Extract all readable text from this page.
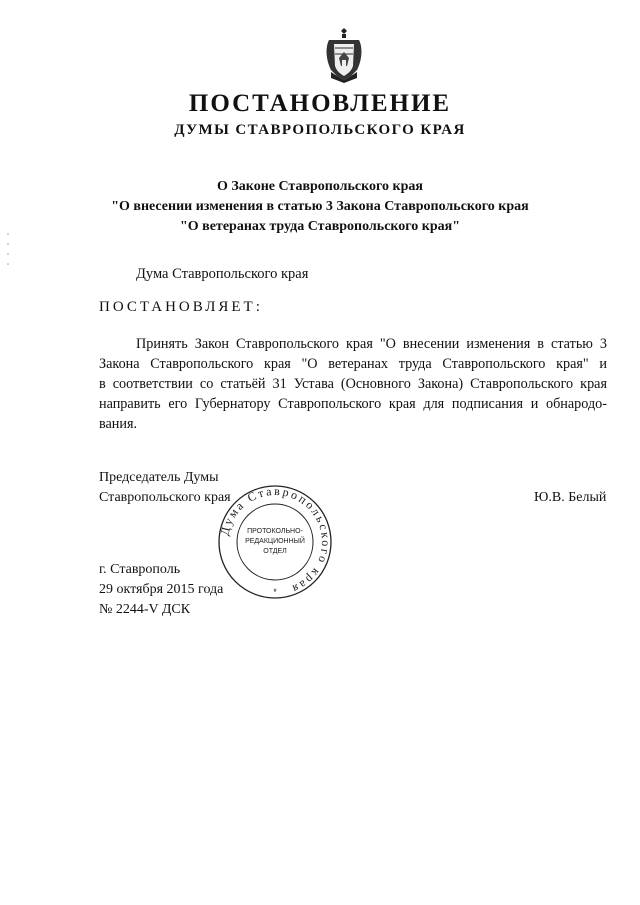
ПОСТАНОВЛЕНИЕ
ДУМЫ СТАВРОПОЛЬСКОГО КРАЯ
О Законе Ставропольского края
"О внесении изменения в статью 3 Закона Ставропольского края
"О ветеранах труда Ставропольского края"
Дума Ставропольского края
ПОСТАНОВЛЯЕТ:
Принять Закон Ставропольского края "О внесении изменения в статью 3
Закона Ставропольского края "О ветеранах труда Ставропольского края" и
в соответствии со статьёй 31 Устава (Основного Закона) Ставропольского края
направить его Губернатору Ставропольского края для подписания и обнародо-
вания.
Председатель Думы
Ставропольского края	Ю.В. Белый
г. Ставрополь
29 октября 2015 года
№ 2244-V ДСК
Дума Ставропольского края
ПРОТОКОЛЬНО-
РЕДАКЦИОННЫЙ
ОТДЕЛ
*
